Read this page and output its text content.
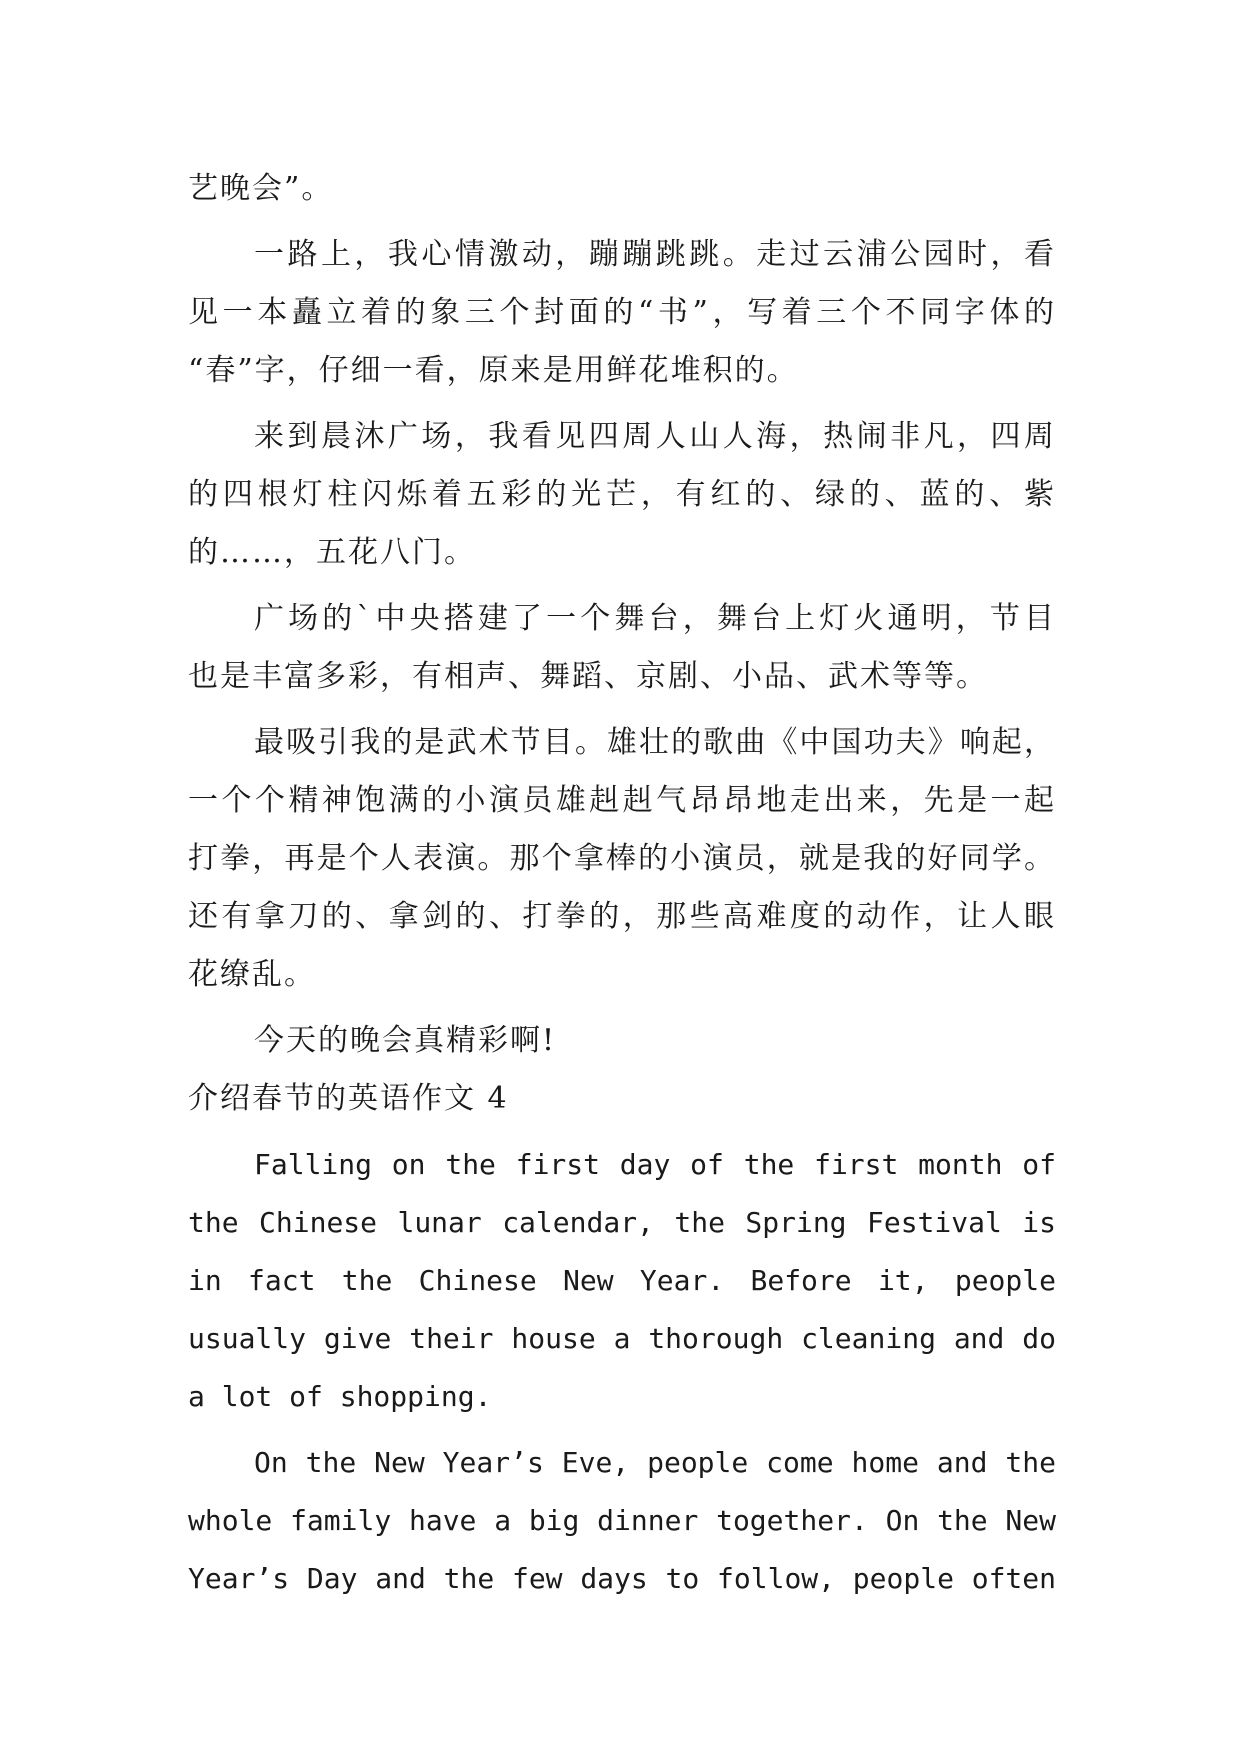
艺晚会”。
一路上，我心情激动，蹦蹦跳跳。走过云浦公园时，看
见一本矗立着的象三个封面的“书”，写着三个不同字体的
“春”字，仔细一看，原来是用鲜花堆积的。
来到晨沐广场，我看见四周人山人海，热闹非凡，四周
的四根灯柱闪烁着五彩的光芒，有红的、绿的、蓝的、紫
的……，五花八门。
广场的`中央搭建了一个舞台，舞台上灯火通明，节目
也是丰富多彩，有相声、舞蹈、京剧、小品、武术等等。
最吸引我的是武术节目。雄壮的歌曲《中国功夫》响起，
一个个精神饱满的小演员雄赳赳气昂昂地走出来，先是一起
打拳，再是个人表演。那个拿棒的小演员，就是我的好同学。
还有拿刀的、拿剑的、打拳的，那些高难度的动作，让人眼
花缭乱。
今天的晚会真精彩啊!
介绍春节的英语作文 4
Falling on the first day of the first month of
the Chinese lunar calendar, the Spring Festival is
in fact the Chinese New Year. Before it, people
usually give their house a thorough cleaning and do
a lot of shopping.
On the New Year’s Eve, people come home and the
whole family have a big dinner together. On the New
Year’s Day and the few days to follow, people often
